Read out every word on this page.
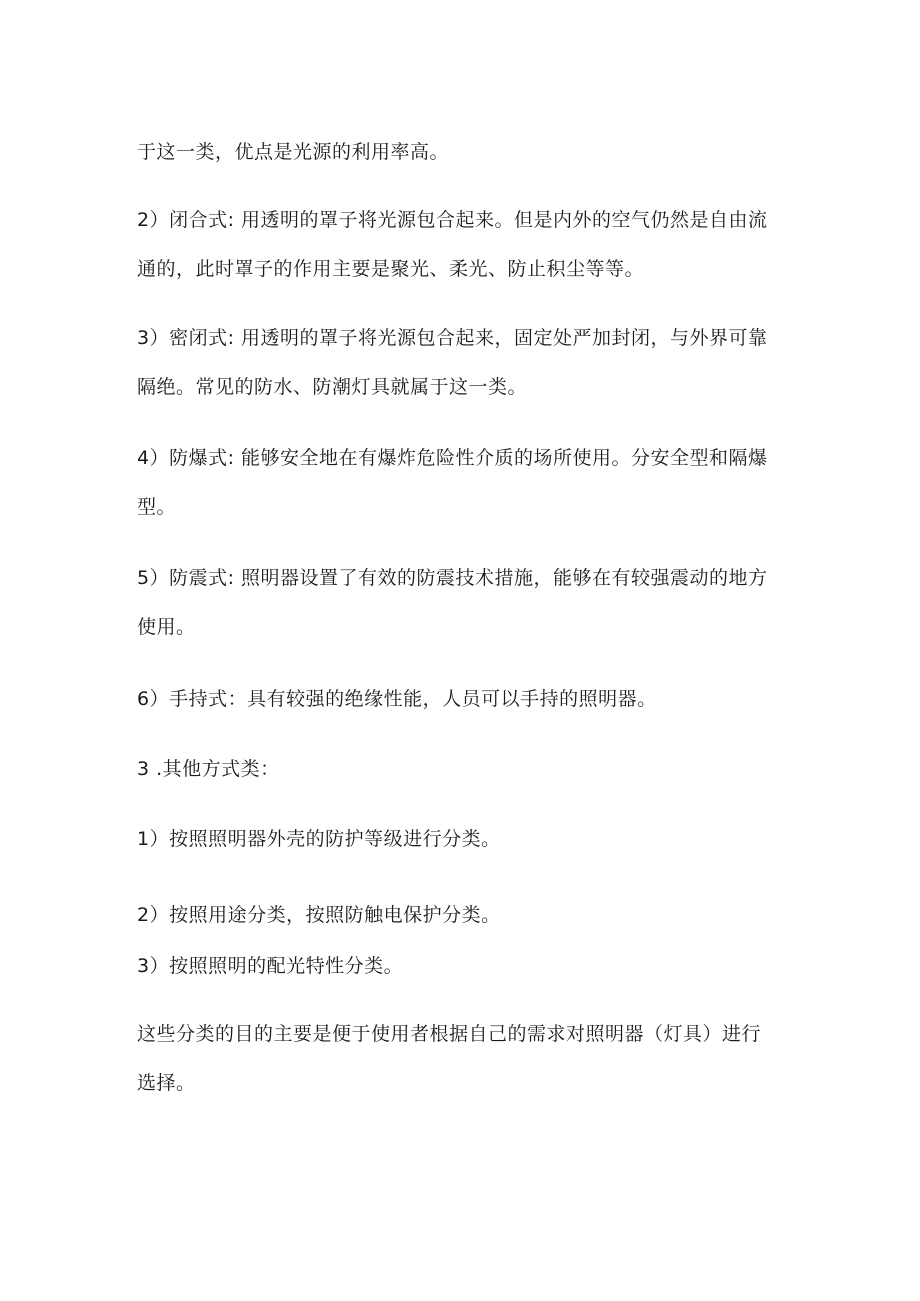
于这一类，优点是光源的利用率高。
2）闭合式: 用透明的罩子将光源包合起来。但是内外的空气仍然是自由流
通的，此时罩子的作用主要是聚光、柔光、防止积尘等等。
3）密闭式: 用透明的罩子将光源包合起来，固定处严加封闭，与外界可靠
隔绝。常见的防水、防潮灯具就属于这一类。
4）防爆式: 能够安全地在有爆炸危险性介质的场所使用。分安全型和隔爆
型。
5）防震式: 照明器设置了有效的防震技术措施，能够在有较强震动的地方
使用。
6）手持式：具有较强的绝缘性能，人员可以手持的照明器。
3 .其他方式类：
1）按照照明器外壳的防护等级进行分类。
2）按照用途分类，按照防触电保护分类。
3）按照照明的配光特性分类。
这些分类的目的主要是便于使用者根据自己的需求对照明器（灯具）进行
选择。
